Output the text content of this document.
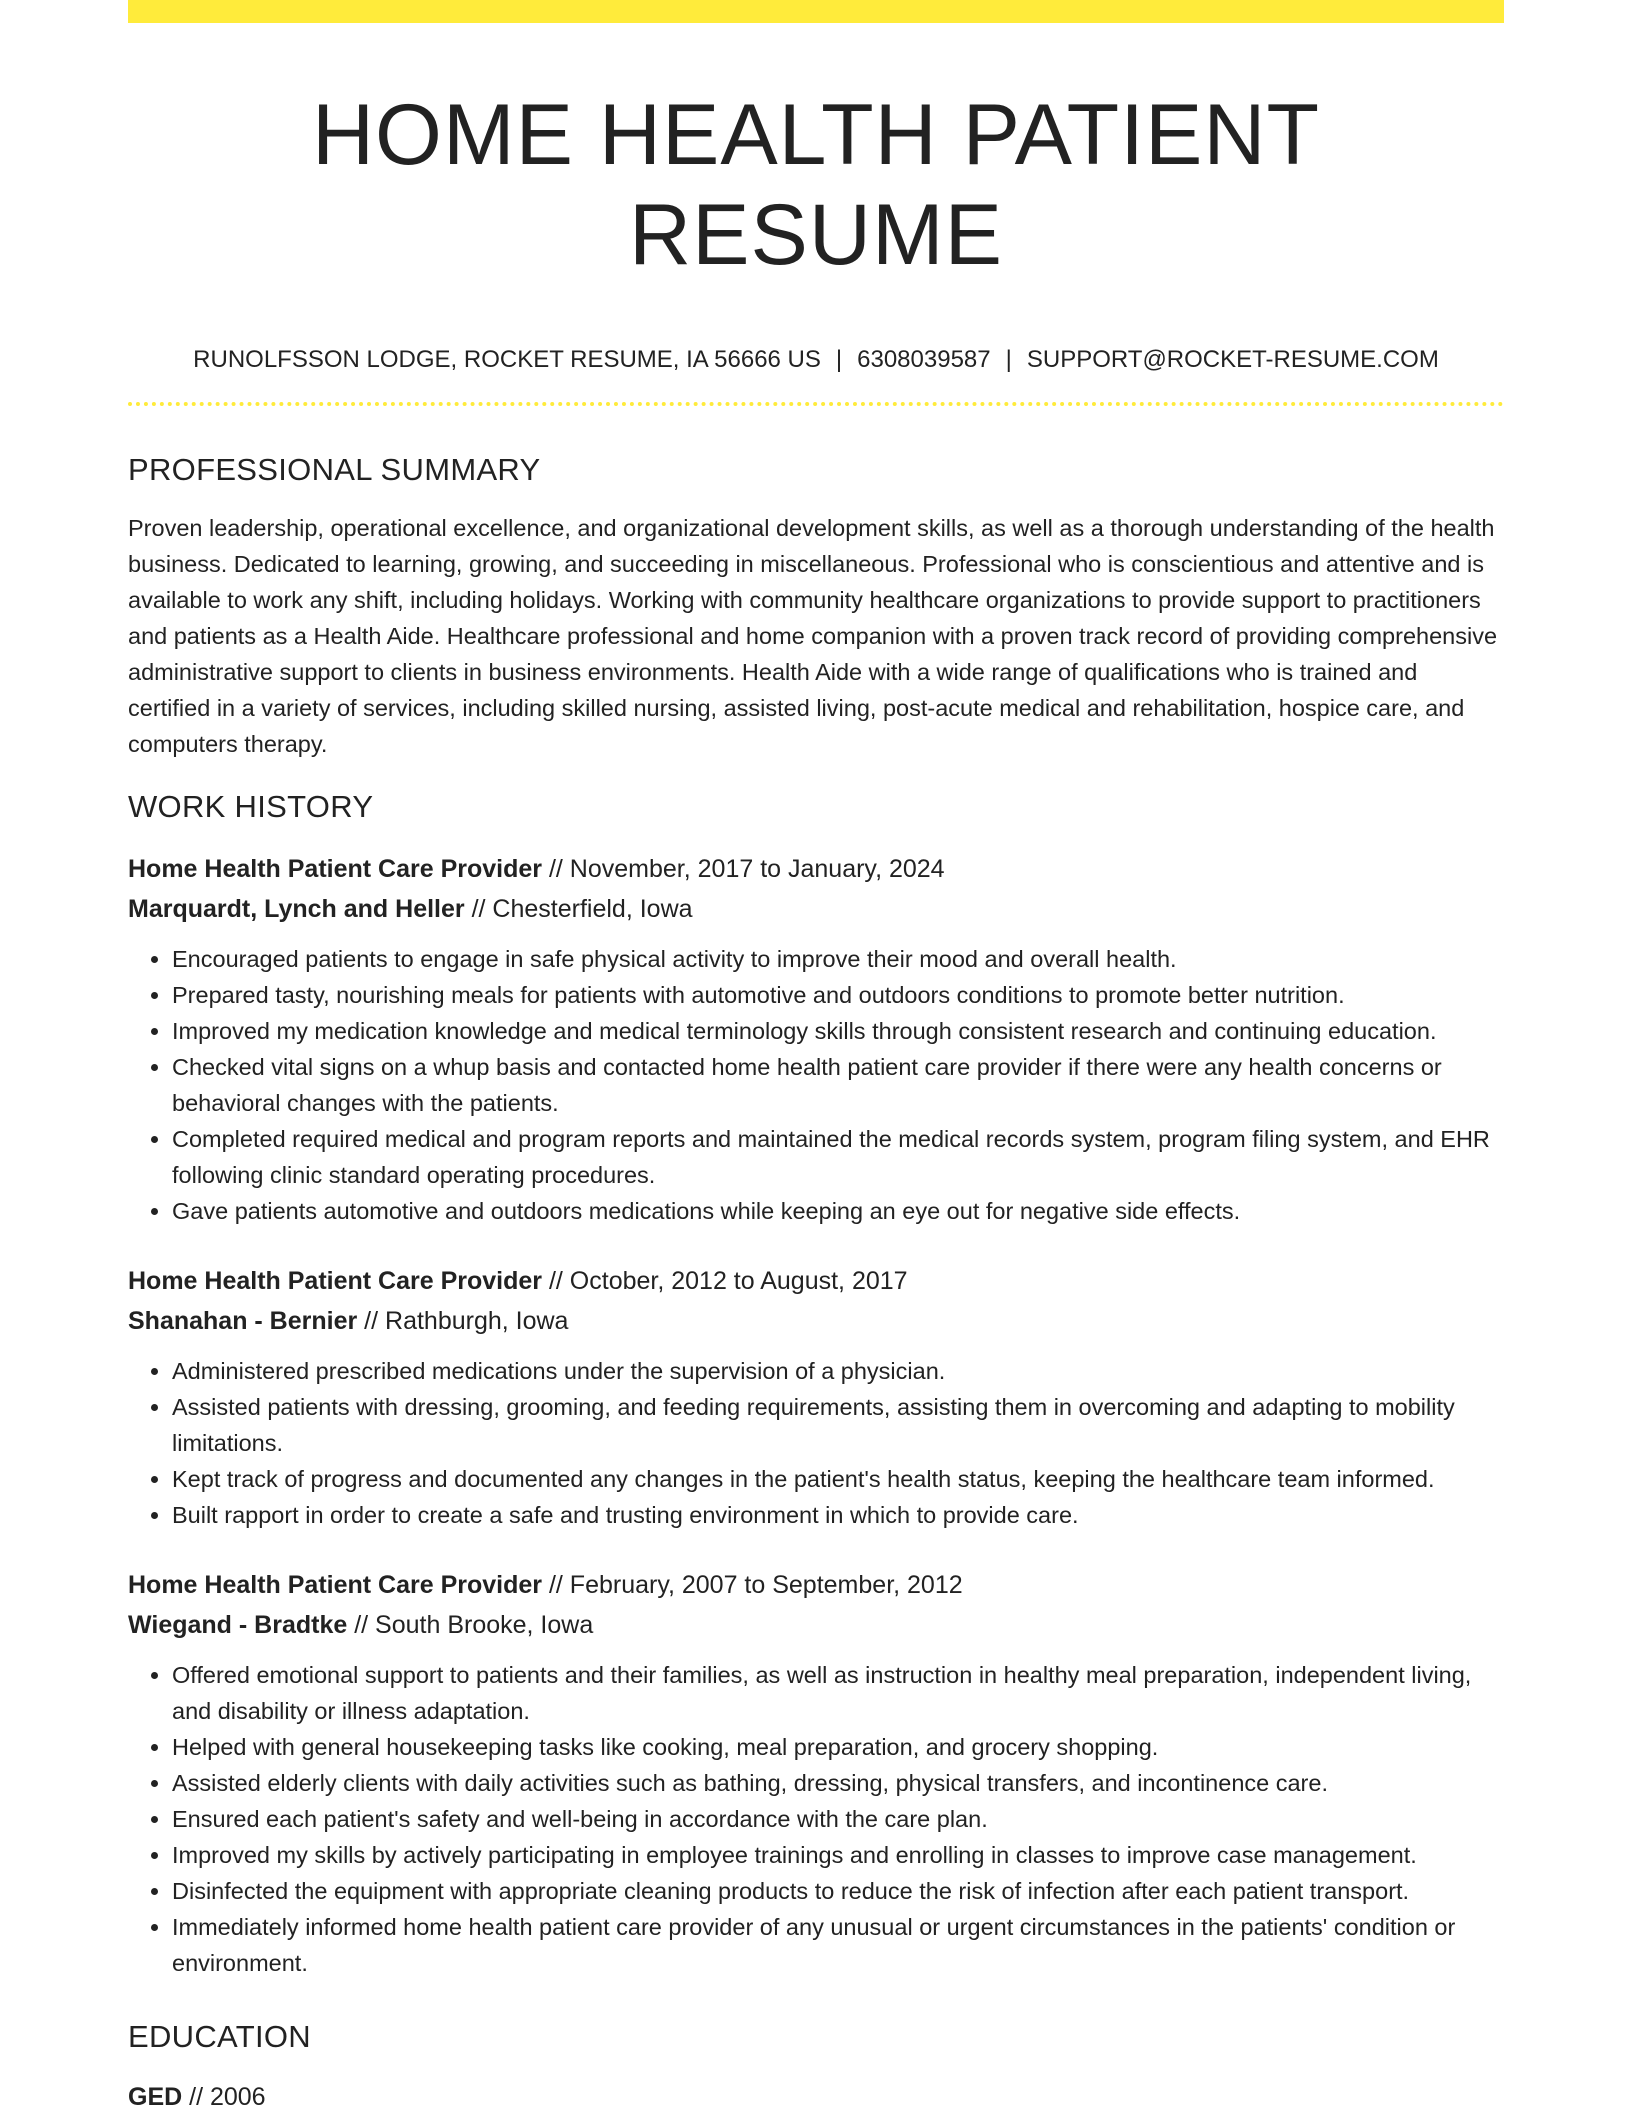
HOME HEALTH PATIENT RESUME
RUNOLFSSON LODGE, ROCKET RESUME, IA 56666 US | 6308039587 | SUPPORT@ROCKET-RESUME.COM
PROFESSIONAL SUMMARY

Proven leadership, operational excellence, and organizational development skills, as well as a thorough understanding of the health business. Dedicated to learning, growing, and succeeding in miscellaneous. Professional who is conscientious and attentive and is available to work any shift, including holidays. Working with community healthcare organizations to provide support to practitioners and patients as a Health Aide. Healthcare professional and home companion with a proven track record of providing comprehensive administrative support to clients in business environments. Health Aide with a wide range of qualifications who is trained and certified in a variety of services, including skilled nursing, assisted living, post-acute medical and rehabilitation, hospice care, and computers therapy.

WORK HISTORY
Home Health Patient Care Provider // November, 2017 to January, 2024
Marquardt, Lynch and Heller // Chesterfield, Iowa
• Encouraged patients to engage in safe physical activity to improve their mood and overall health.
• Prepared tasty, nourishing meals for patients with automotive and outdoors conditions to promote better nutrition.
• Improved my medication knowledge and medical terminology skills through consistent research and continuing education.
• Checked vital signs on a whup basis and contacted home health patient care provider if there were any health concerns or behavioral changes with the patients.
• Completed required medical and program reports and maintained the medical records system, program filing system, and EHR following clinic standard operating procedures.
• Gave patients automotive and outdoors medications while keeping an eye out for negative side effects.
Home Health Patient Care Provider // October, 2012 to August, 2017
Shanahan - Bernier // Rathburgh, Iowa
• Administered prescribed medications under the supervision of a physician.
• Assisted patients with dressing, grooming, and feeding requirements, assisting them in overcoming and adapting to mobility limitations.
• Kept track of progress and documented any changes in the patient's health status, keeping the healthcare team informed.
• Built rapport in order to create a safe and trusting environment in which to provide care.
Home Health Patient Care Provider // February, 2007 to September, 2012
Wiegand - Bradtke // South Brooke, Iowa
• Offered emotional support to patients and their families, as well as instruction in healthy meal preparation, independent living, and disability or illness adaptation.
• Helped with general housekeeping tasks like cooking, meal preparation, and grocery shopping.
• Assisted elderly clients with daily activities such as bathing, dressing, physical transfers, and incontinence care.
• Ensured each patient's safety and well-being in accordance with the care plan.
• Improved my skills by actively participating in employee trainings and enrolling in classes to improve case management.
• Disinfected the equipment with appropriate cleaning products to reduce the risk of infection after each patient transport.
• Immediately informed home health patient care provider of any unusual or urgent circumstances in the patients' condition or environment.
EDUCATION
GED // 2006
